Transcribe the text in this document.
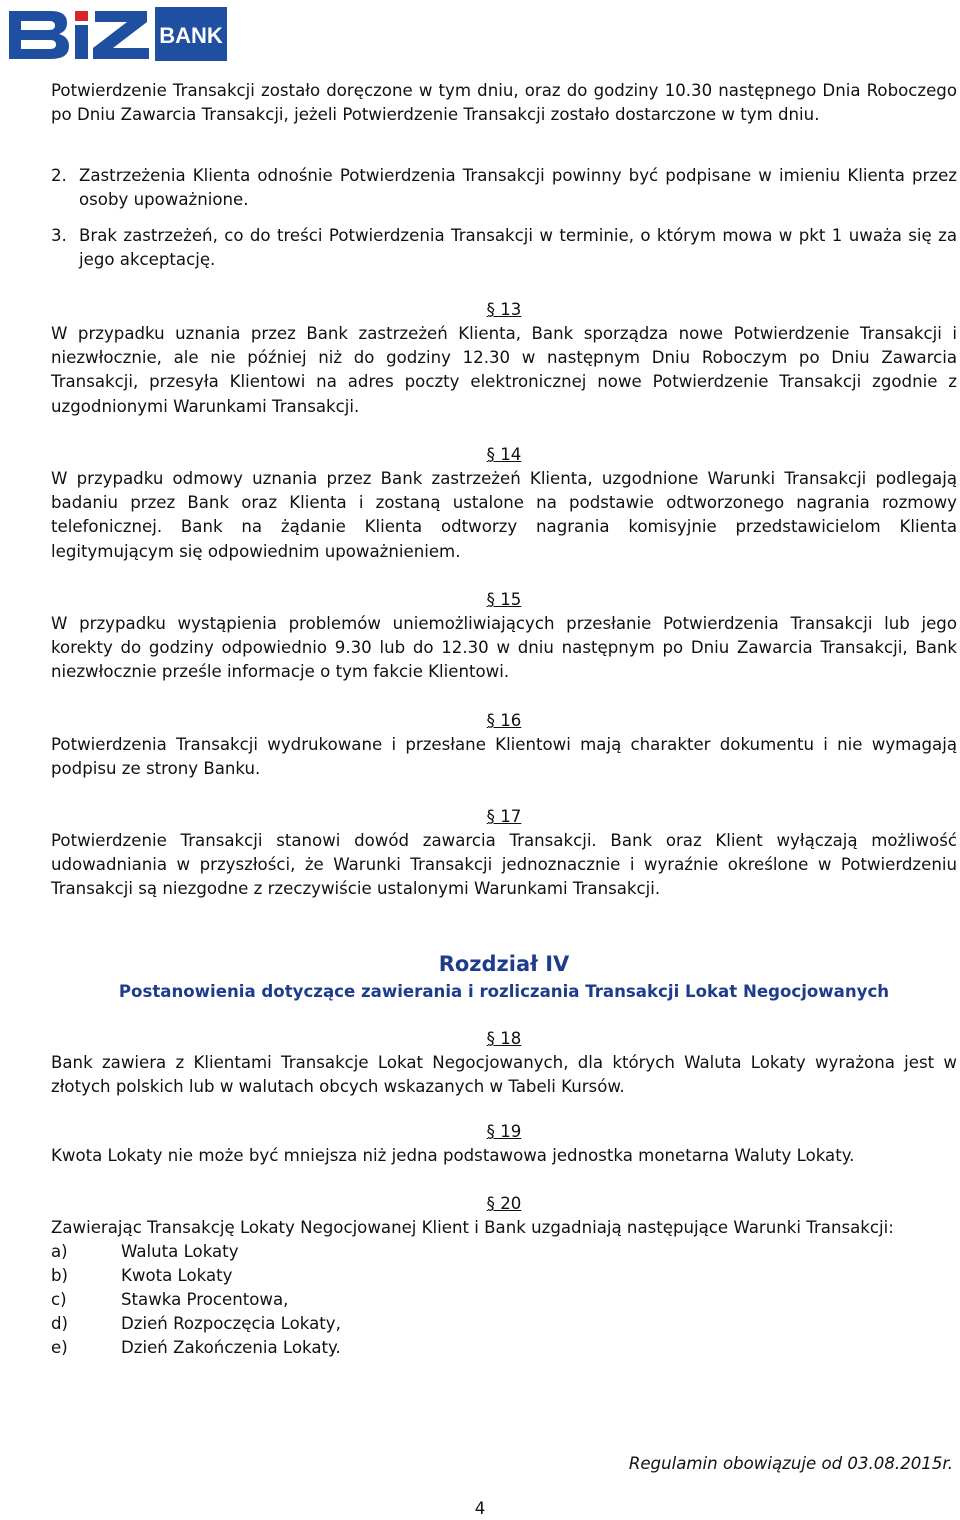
BANK
Potwierdzenie Transakcji zostało doręczone w tym dniu, oraz do godziny 10.30 następnego Dnia Roboczego po Dniu Zawarcia Transakcji, jeżeli Potwierdzenie Transakcji zostało dostarczone w tym dniu.
2. Zastrzeżenia Klienta odnośnie Potwierdzenia Transakcji powinny być podpisane w imieniu Klienta przez osoby upoważnione.
3. Brak zastrzeżeń, co do treści Potwierdzenia Transakcji w terminie, o którym mowa w pkt 1 uważa się za jego akceptację.
§ 13
W przypadku uznania przez Bank zastrzeżeń Klienta, Bank sporządza nowe Potwierdzenie Transakcji i niezwłocznie, ale nie później niż do godziny 12.30 w następnym Dniu Roboczym po Dniu Zawarcia Transakcji, przesyła Klientowi na adres poczty elektronicznej nowe Potwierdzenie Transakcji zgodnie z uzgodnionymi Warunkami Transakcji.
§ 14
W przypadku odmowy uznania przez Bank zastrzeżeń Klienta, uzgodnione Warunki Transakcji podlegają badaniu przez Bank oraz Klienta i zostaną ustalone na podstawie odtworzonego nagrania rozmowy telefonicznej. Bank na żądanie Klienta odtworzy nagrania komisyjnie przedstawicielom Klienta legitymującym się odpowiednim upoważnieniem.
§ 15
W przypadku wystąpienia problemów uniemożliwiających przesłanie Potwierdzenia Transakcji lub jego korekty do godziny odpowiednio 9.30 lub do 12.30 w dniu następnym po Dniu Zawarcia Transakcji, Bank niezwłocznie prześle informacje o tym fakcie Klientowi.
§ 16
Potwierdzenia Transakcji wydrukowane i przesłane Klientowi mają charakter dokumentu i nie wymagają podpisu ze strony Banku.
§ 17
Potwierdzenie Transakcji stanowi dowód zawarcia Transakcji. Bank oraz Klient wyłączają możliwość udowadniania w przyszłości, że Warunki Transakcji jednoznacznie i wyraźnie określone w Potwierdzeniu Transakcji są niezgodne z rzeczywiście ustalonymi Warunkami Transakcji.
Rozdział IV
Postanowienia dotyczące zawierania i rozliczania Transakcji Lokat Negocjowanych
§ 18
Bank zawiera z Klientami Transakcje Lokat Negocjowanych, dla których Waluta Lokaty wyrażona jest w złotych polskich lub w walutach obcych wskazanych w Tabeli Kursów.
§ 19
Kwota Lokaty nie może być mniejsza niż jedna podstawowa jednostka monetarna Waluty Lokaty.
§ 20
Zawierając Transakcję Lokaty Negocjowanej Klient i Bank uzgadniają następujące Warunki Transakcji:
a)	Waluta Lokaty
b)	Kwota Lokaty
c)	Stawka Procentowa,
d)	Dzień Rozpoczęcia Lokaty,
e)	Dzień Zakończenia Lokaty.
Regulamin obowiązuje od 03.08.2015r.
4
